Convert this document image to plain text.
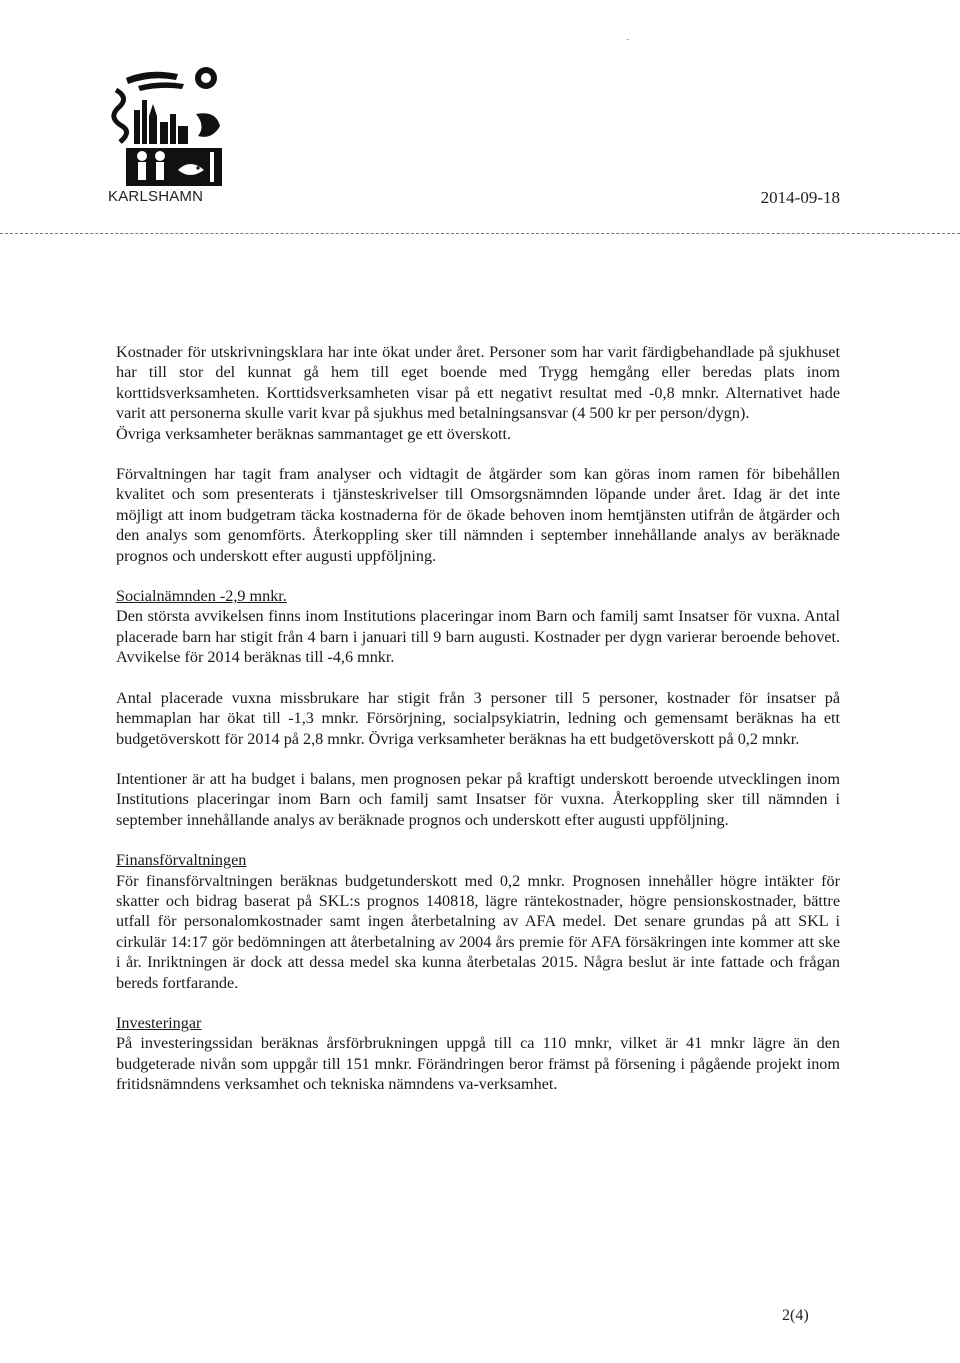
-
KARLSHAMN	2014-09-18

Kostnader för utskrivningsklara har inte ökat under året. Personer som har varit färdigbehandlade på sjukhuset har till stor del kunnat gå hem till eget boende med Trygg hemgång eller beredas plats inom korttidsverksamheten. Korttidsverksamheten visar på ett negativt resultat med -0,8 mnkr. Alternativet hade varit att personerna skulle varit kvar på sjukhus med betalningsansvar (4 500 kr per person/dygn).

Övriga verksamheter beräknas sammantaget ge ett överskott.

Förvaltningen har tagit fram analyser och vidtagit de åtgärder som kan göras inom ramen för bibehållen kvalitet och som presenterats i tjänsteskrivelser till Omsorgsnämnden löpande under året. Idag är det inte möjligt att inom budgetram täcka kostnaderna för de ökade behoven inom hemtjänsten utifrån de åtgärder och den analys som genomförts. Återkoppling sker till nämnden i september innehållande analys av beräknade prognos och underskott efter augusti uppföljning.

Socialnämnden -2,9 mnkr.

Den största avvikelsen finns inom Institutions placeringar inom Barn och familj samt Insatser för vuxna. Antal placerade barn har stigit från 4 barn i januari till 9 barn augusti. Kostnader per dygn varierar beroende behovet. Avvikelse för 2014 beräknas till -4,6 mnkr.

Antal placerade vuxna missbrukare har stigit från 3 personer till 5 personer, kostnader för insatser på hemmaplan har ökat till -1,3 mnkr. Försörjning, socialpsykiatrin, ledning och gemensamt beräknas ha ett budgetöverskott för 2014 på 2,8 mnkr. Övriga verksamheter beräknas ha ett budgetöverskott på 0,2 mnkr.

Intentioner är att ha budget i balans, men prognosen pekar på kraftigt underskott beroende utvecklingen inom Institutions placeringar inom Barn och familj samt Insatser för vuxna. Återkoppling sker till nämnden i september innehållande analys av beräknade prognos och underskott efter augusti uppföljning.

Finansförvaltningen

För finansförvaltningen beräknas budgetunderskott med 0,2 mnkr. Prognosen innehåller högre intäkter för skatter och bidrag baserat på SKL:s prognos 140818, lägre räntekostnader, högre pensionskostnader, bättre utfall för personalomkostnader samt ingen återbetalning av AFA medel. Det senare grundas på att SKL i cirkulär 14:17 gör bedömningen att återbetalning av 2004 års premie för AFA försäkringen inte kommer att ske i år. Inriktningen är dock att dessa medel ska kunna återbetalas 2015. Några beslut är inte fattade och frågan bereds fortfarande.

Investeringar

På investeringssidan beräknas årsförbrukningen uppgå till ca 110 mnkr, vilket är 41 mnkr lägre än den budgeterade nivån som uppgår till 151 mnkr. Förändringen beror främst på försening i pågående projekt inom fritidsnämndens verksamhet och tekniska nämndens va-verksamhet.

2(4)
